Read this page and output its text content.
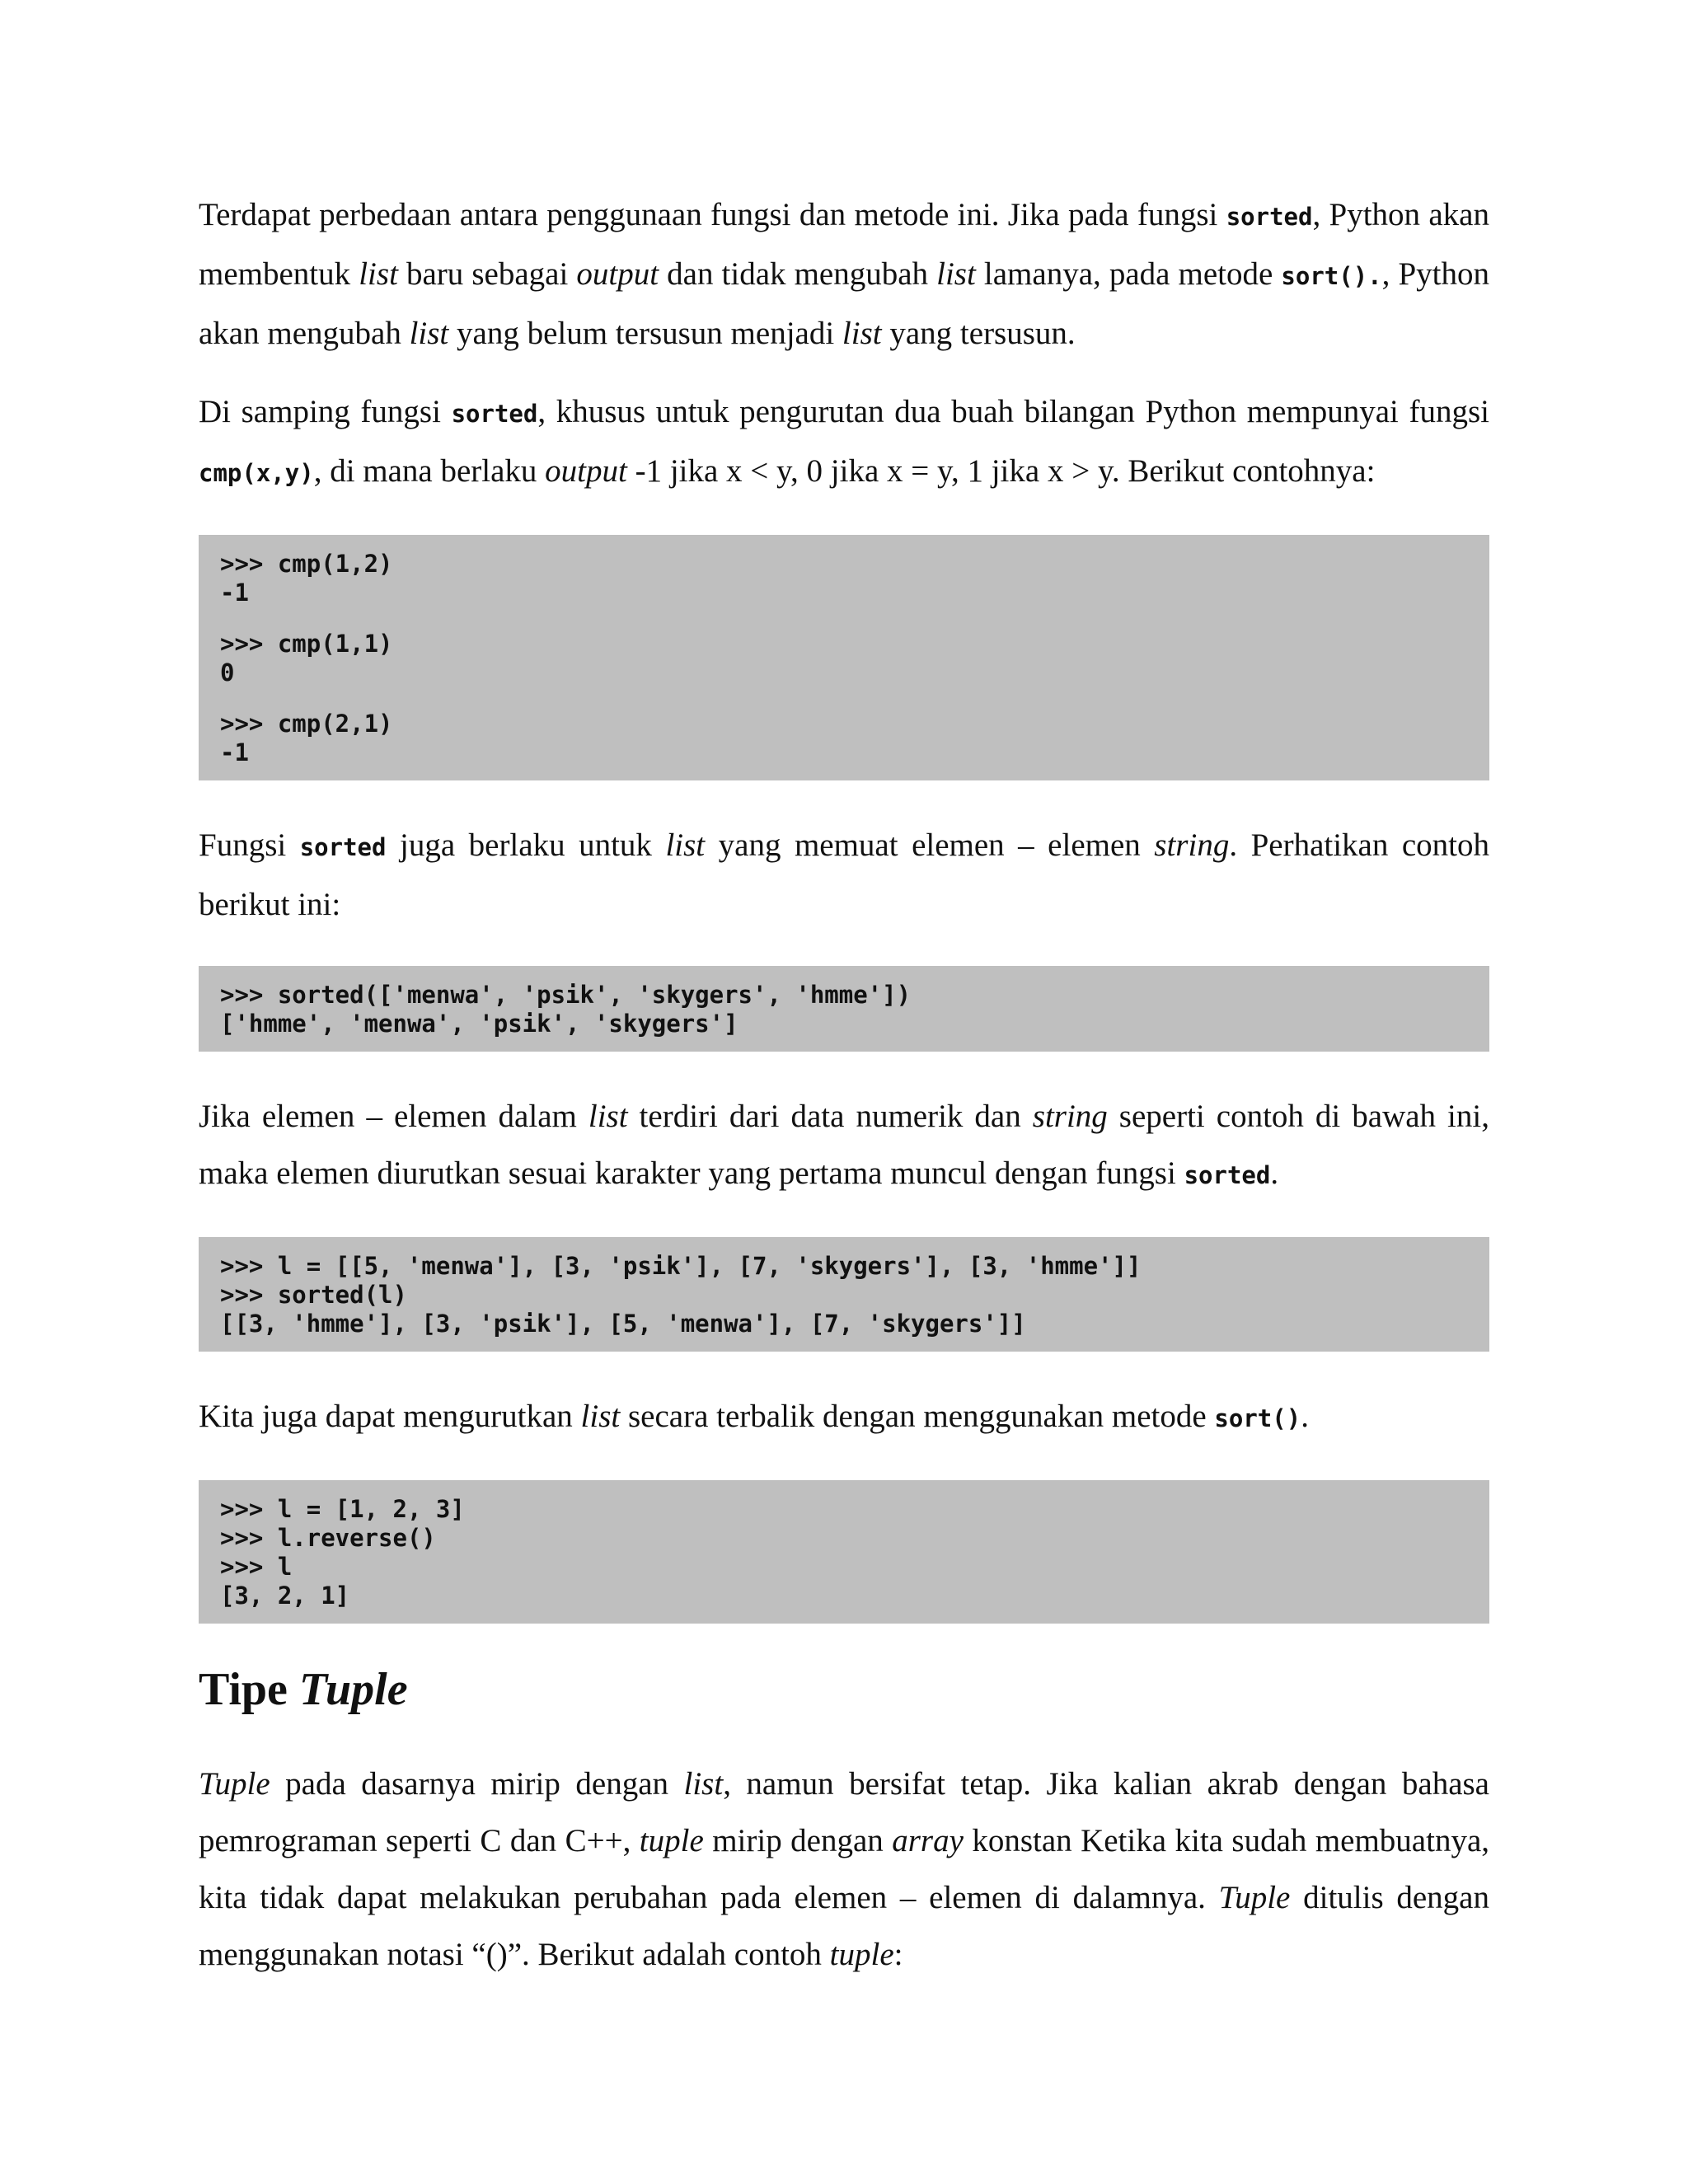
Terdapat perbedaan antara penggunaan fungsi dan metode ini. Jika pada fungsi sorted, Python akan membentuk list baru sebagai output dan tidak mengubah list lamanya, pada metode sort()., Python akan mengubah list yang belum tersusun menjadi list yang tersusun.

Di samping fungsi sorted, khusus untuk pengurutan dua buah bilangan Python mempunyai fungsi cmp(x,y), di mana berlaku output -1 jika x < y, 0 jika x = y, 1 jika x > y. Berikut contohnya:

>>> cmp(1,2)
-1
>>> cmp(1,1)
0
>>> cmp(2,1)
-1

Fungsi sorted juga berlaku untuk list yang memuat elemen – elemen string. Perhatikan contoh berikut ini:

>>> sorted(['menwa', 'psik', 'skygers', 'hmme'])
['hmme', 'menwa', 'psik', 'skygers']

Jika elemen – elemen dalam list terdiri dari data numerik dan string seperti contoh di bawah ini, maka elemen diurutkan sesuai karakter yang pertama muncul dengan fungsi sorted.

>>> l = [[5, 'menwa'], [3, 'psik'], [7, 'skygers'], [3, 'hmme']]
>>> sorted(l)
[[3, 'hmme'], [3, 'psik'], [5, 'menwa'], [7, 'skygers']]

Kita juga dapat mengurutkan list secara terbalik dengan menggunakan metode sort().

>>> l = [1, 2, 3]
>>> l.reverse()
>>> l
[3, 2, 1]
Tipe Tuple

Tuple pada dasarnya mirip dengan list, namun bersifat tetap. Jika kalian akrab dengan bahasa pemrograman seperti C dan C++, tuple mirip dengan array konstan Ketika kita sudah membuatnya, kita tidak dapat melakukan perubahan pada elemen – elemen di dalamnya. Tuple ditulis dengan menggunakan notasi “()”. Berikut adalah contoh tuple:
